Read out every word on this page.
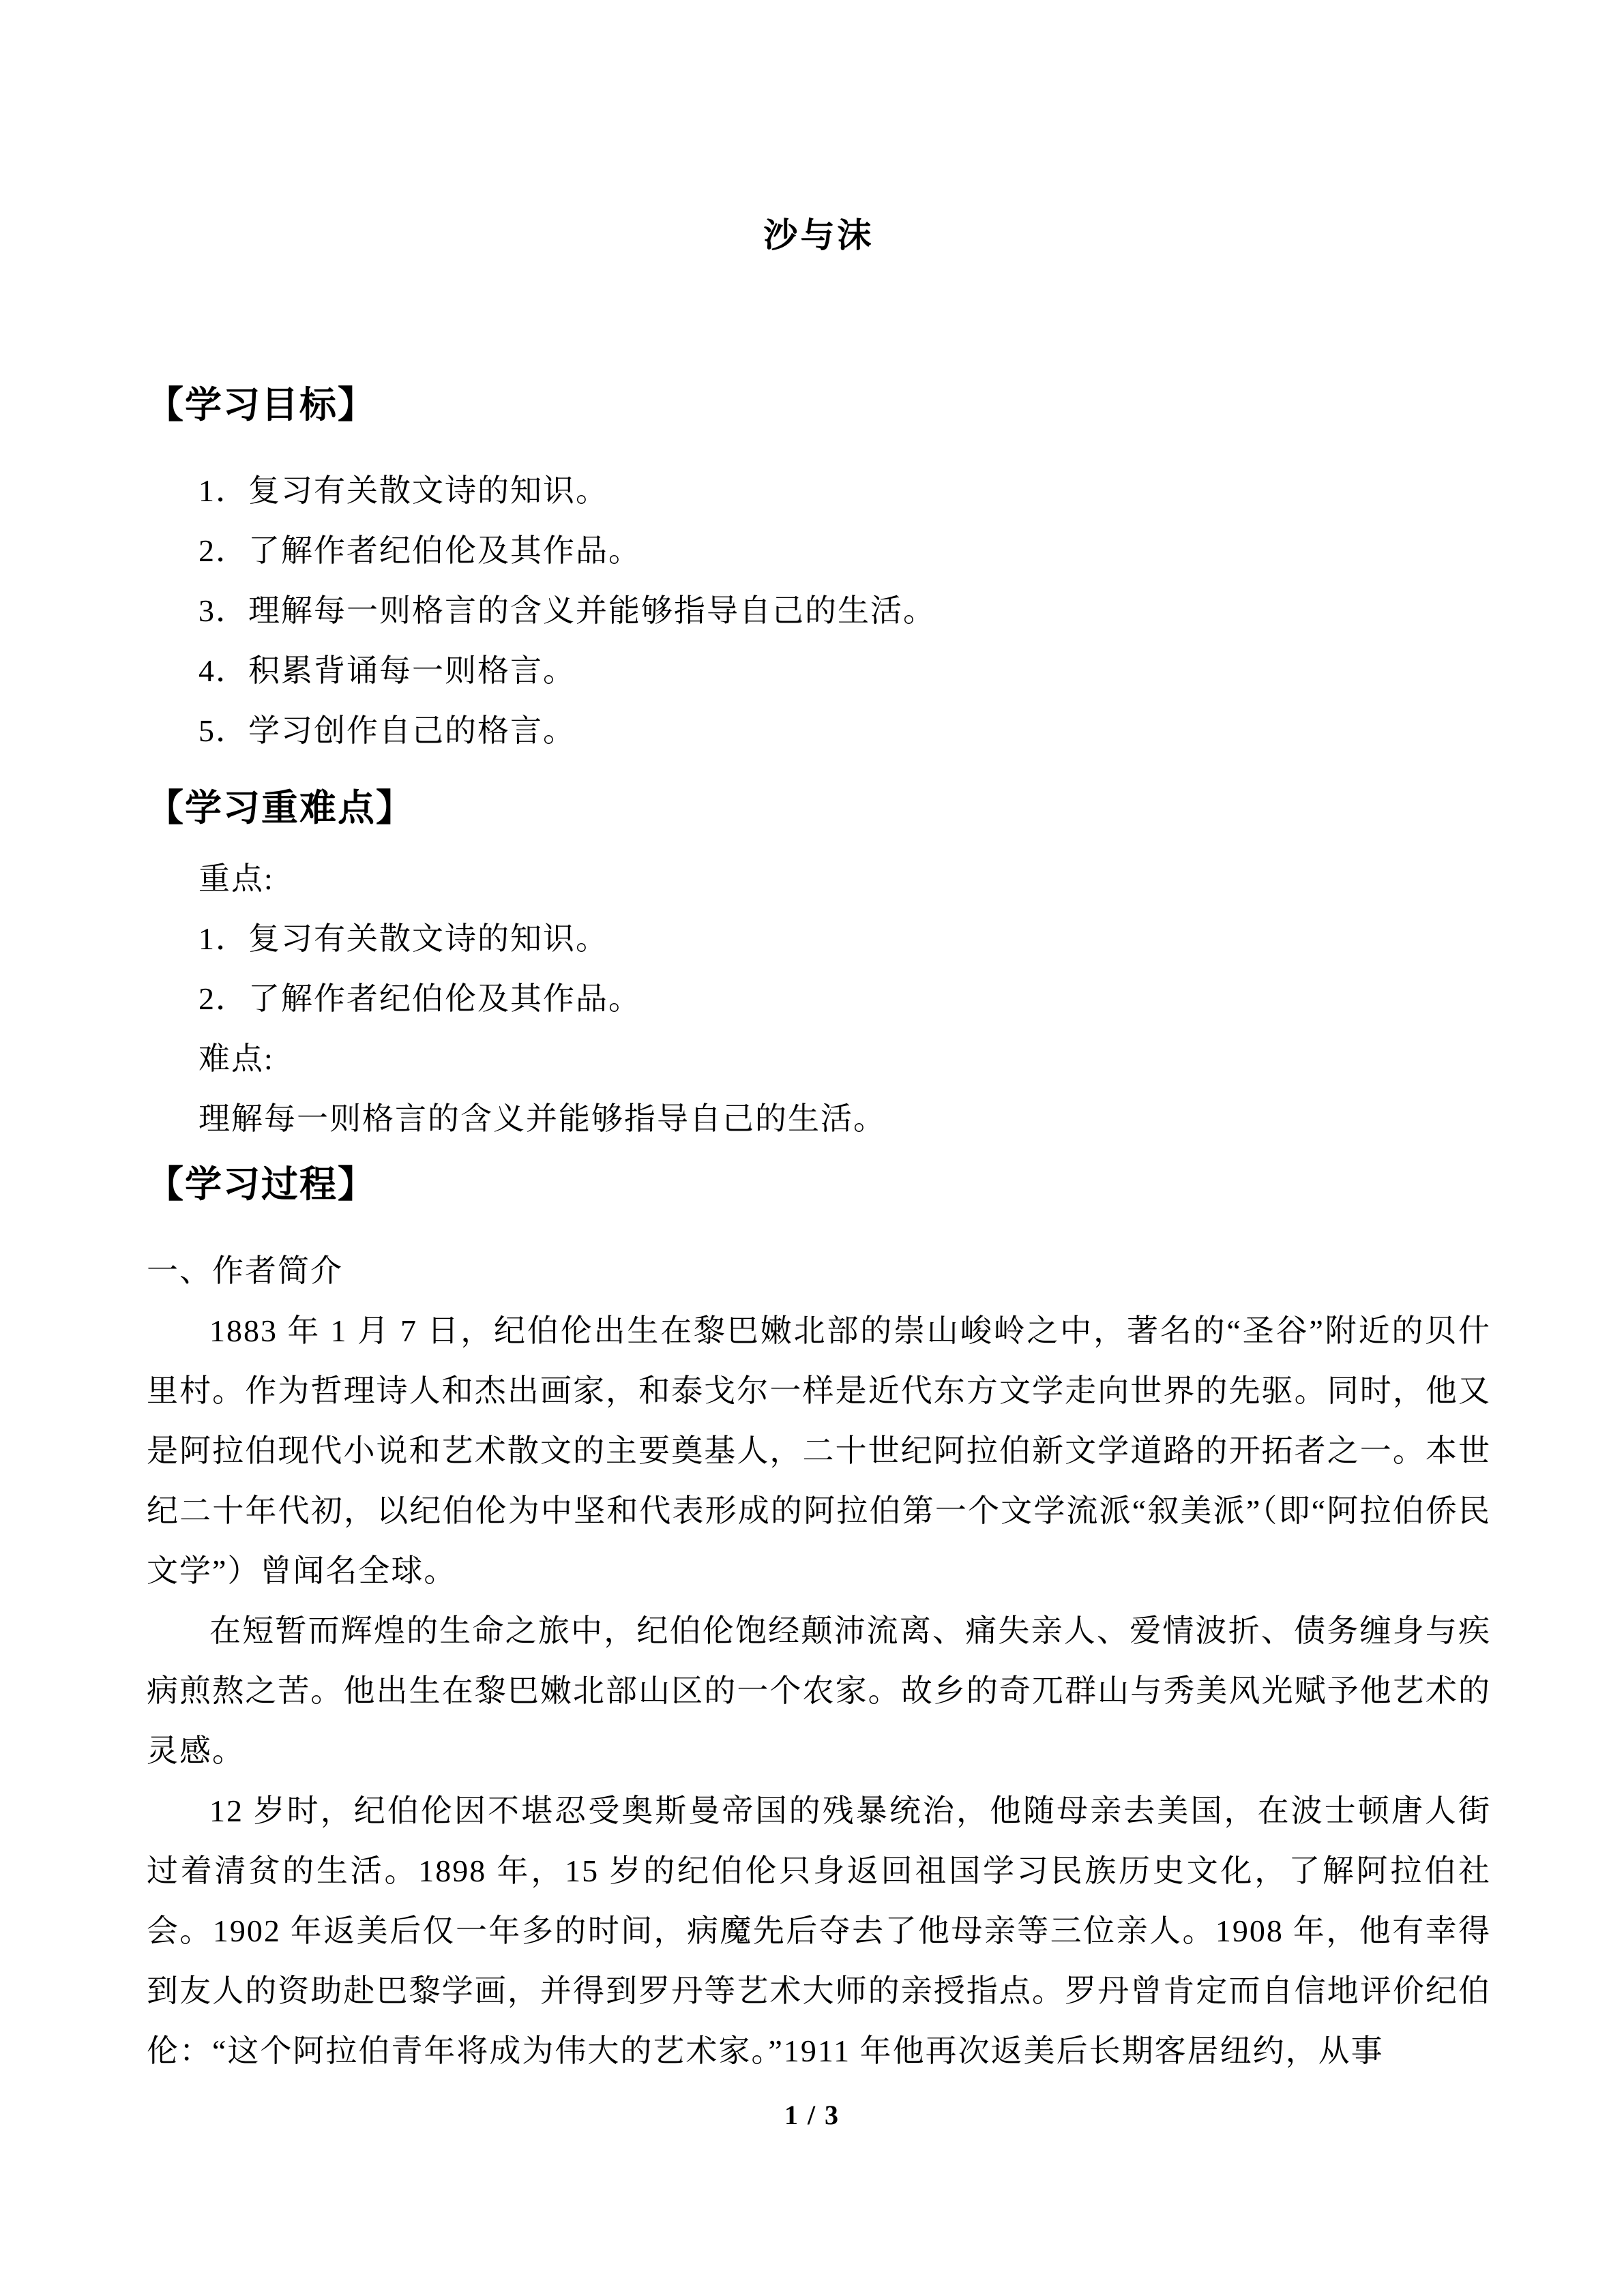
沙与沫
【学习目标】
1．复习有关散文诗的知识。
2．了解作者纪伯伦及其作品。
3．理解每一则格言的含义并能够指导自己的生活。
4．积累背诵每一则格言。
5．学习创作自己的格言。
【学习重难点】
重点:
1．复习有关散文诗的知识。
2．了解作者纪伯伦及其作品。
难点:
理解每一则格言的含义并能够指导自己的生活。
【学习过程】
一、作者简介

1883 年 1 月 7 日，纪伯伦出生在黎巴嫩北部的崇山峻岭之中，著名的“圣谷”附近的贝什里村。作为哲理诗人和杰出画家，和泰戈尔一样是近代东方文学走向世界的先驱。同时，他又是阿拉伯现代小说和艺术散文的主要奠基人，二十世纪阿拉伯新文学道路的开拓者之一。本世纪二十年代初，以纪伯伦为中坚和代表形成的阿拉伯第一个文学流派“叙美派”（即“阿拉伯侨民文学”）曾闻名全球。

在短暂而辉煌的生命之旅中，纪伯伦饱经颠沛流离、痛失亲人、爱情波折、债务缠身与疾病煎熬之苦。他出生在黎巴嫩北部山区的一个农家。故乡的奇兀群山与秀美风光赋予他艺术的灵感。

12 岁时，纪伯伦因不堪忍受奥斯曼帝国的残暴统治，他随母亲去美国，在波士顿唐人街过着清贫的生活。1898 年，15 岁的纪伯伦只身返回祖国学习民族历史文化，了解阿拉伯社会。1902 年返美后仅一年多的时间，病魔先后夺去了他母亲等三位亲人。1908 年，他有幸得到友人的资助赴巴黎学画，并得到罗丹等艺术大师的亲授指点。罗丹曾肯定而自信地评价纪伯伦：“这个阿拉伯青年将成为伟大的艺术家。”1911 年他再次返美后长期客居纽约，从事

1 / 3
